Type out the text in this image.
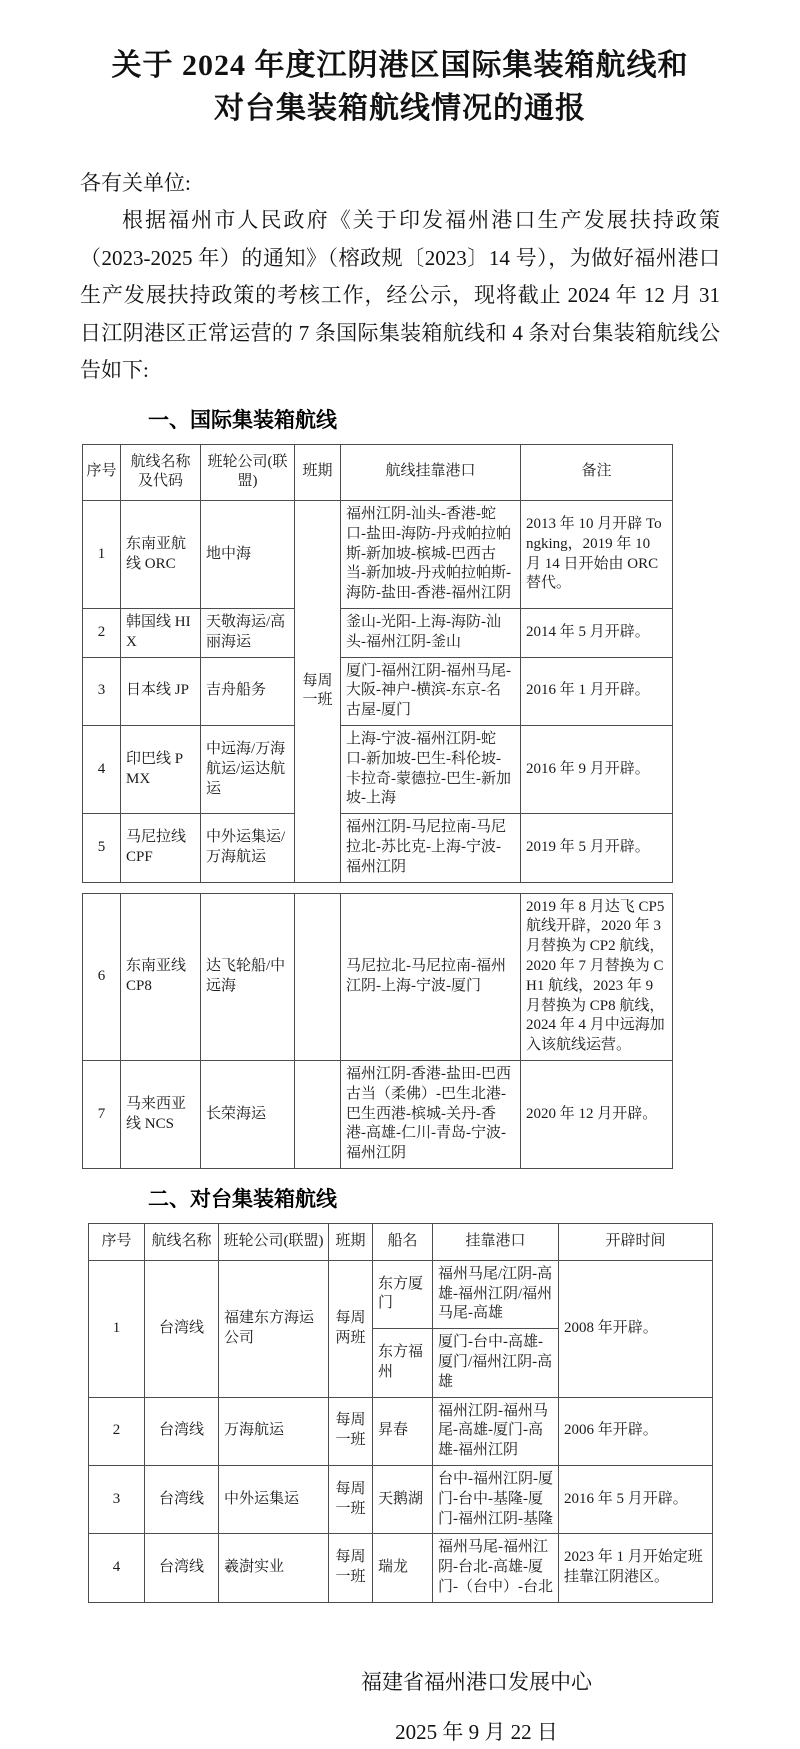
关于 2024 年度江阴港区国际集装箱航线和
对台集装箱航线情况的通报

各有关单位:

根据福州市人民政府《关于印发福州港口生产发展扶持政策（2023-2025 年）的通知》（榕政规〔2023〕14 号），为做好福州港口生产发展扶持政策的考核工作，经公示，现将截止 2024 年 12 月 31 日江阴港区正常运营的 7 条国际集装箱航线和 4 条对台集装箱航线公告如下:

一、国际集装箱航线
序号	航线名称及代码	班轮公司(联盟)	班期	航线挂靠港口	备注
1	东南亚航线 ORC	地中海	每周一班	福州江阴-汕头-香港-蛇口-盐田-海防-丹戎帕拉帕斯-新加坡-槟城-巴西古当-新加坡-丹戎帕拉帕斯-海防-盐田-香港-福州江阴	2013 年 10 月开辟 Tongking，2019 年 10 月 14 日开始由 ORC 替代。
2	韩国线 HIX	天敬海运/高丽海运		釜山-光阳-上海-海防-汕头-福州江阴-釜山	2014 年 5 月开辟。
3	日本线 JP	吉舟船务		厦门-福州江阴-福州马尾-大阪-神户-横滨-东京-名古屋-厦门	2016 年 1 月开辟。
4	印巴线 PMX	中远海/万海航运/运达航运		上海-宁波-福州江阴-蛇口-新加坡-巴生-科伦坡-卡拉奇-蒙德拉-巴生-新加坡-上海	2016 年 9 月开辟。
5	马尼拉线 CPF	中外运集运/万海航运		福州江阴-马尼拉南-马尼拉北-苏比克-上海-宁波-福州江阴	2019 年 5 月开辟。
6	东南亚线 CP8	达飞轮船/中远海		马尼拉北-马尼拉南-福州江阴-上海-宁波-厦门	2019 年 8 月达飞 CP5 航线开辟，2020 年 3 月替换为 CP2 航线，2020 年 7 月替换为 CH1 航线，2023 年 9 月替换为 CP8 航线，2024 年 4 月中远海加入该航线运营。
7	马来西亚线 NCS	长荣海运		福州江阴-香港-盐田-巴西古当（柔佛）-巴生北港-巴生西港-槟城-关丹-香港-高雄-仁川-青岛-宁波-福州江阴	2020 年 12 月开辟。
二、对台集装箱航线
序号	航线名称	班轮公司(联盟)	班期	船名	挂靠港口	开辟时间
1	台湾线	福建东方海运公司	每周两班	东方厦门	福州马尾/江阴-高雄-福州江阴/福州马尾-高雄	2008 年开辟。
				东方福州	厦门-台中-高雄-厦门/福州江阴-高雄	
2	台湾线	万海航运	每周一班	昇春	福州江阴-福州马尾-高雄-厦门-高雄-福州江阴	2006 年开辟。
3	台湾线	中外运集运	每周一班	天鹅湖	台中-福州江阴-厦门-台中-基隆-厦门-福州江阴-基隆	2016 年 5 月开辟。
4	台湾线	羲澍实业	每周一班	瑞龙	福州马尾-福州江阴-台北-高雄-厦门-（台中）-台北	2023 年 1 月开始定班挂靠江阴港区。
福建省福州港口发展中心
2025 年 9 月 22 日
